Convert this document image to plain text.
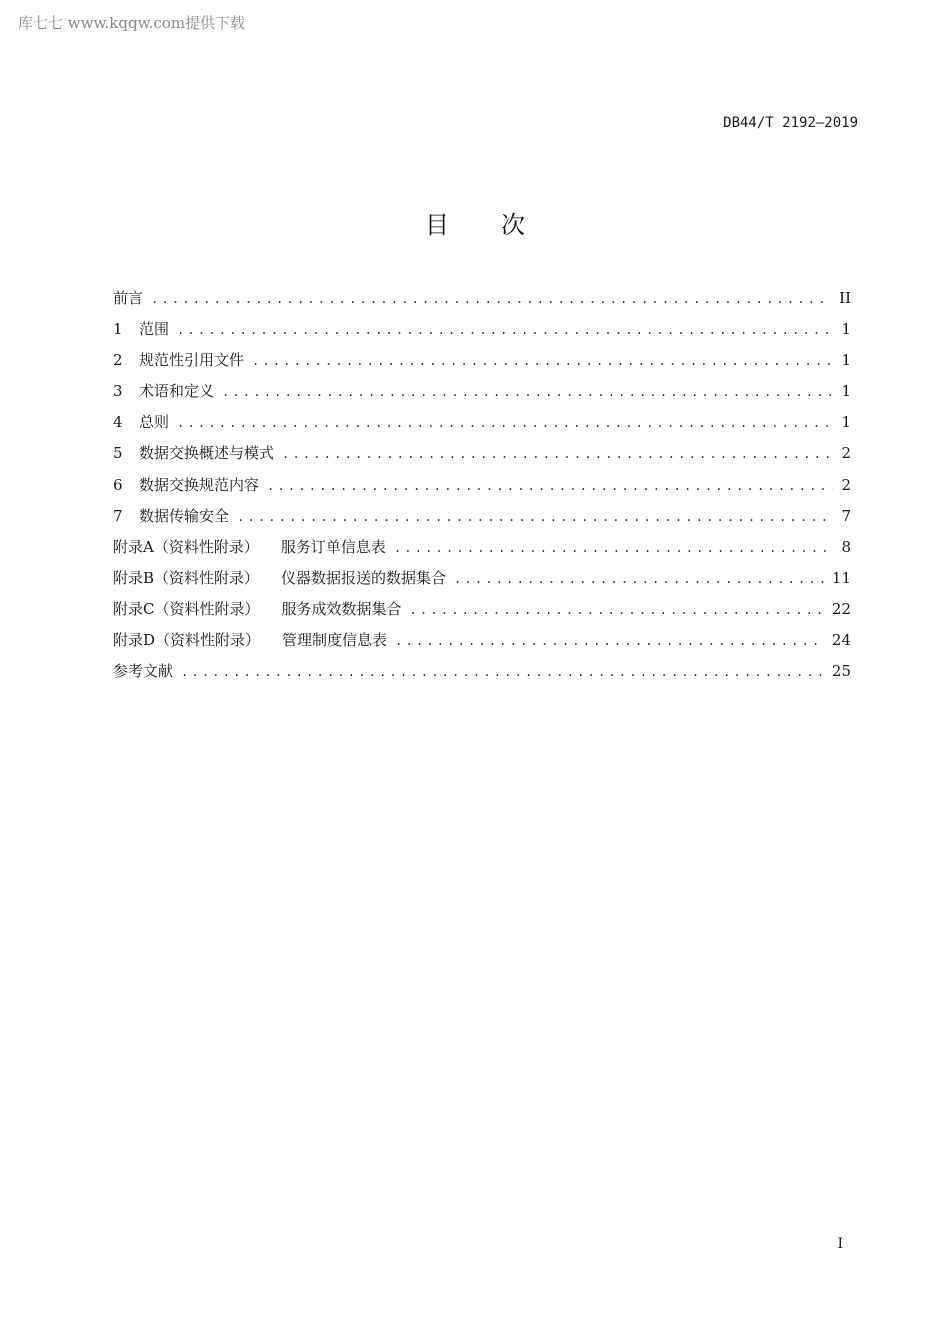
库七七 www.kqqw.com提供下载
DB44/T 2192—2019
目 次
前言 .....	II
1 范围 .....	1
2 规范性引用文件 .....	1
3 术语和定义 .....	1
4 总则 .....	1
5 数据交换概述与模式 .....	2
6 数据交换规范内容 .....	2
7 数据传输安全 .....	7
附录A（资料性附录） 服务订单信息表 .....	8
附录B（资料性附录） 仪器数据报送的数据集合 .....	11
附录C（资料性附录） 服务成效数据集合 .....	22
附录D（资料性附录） 管理制度信息表 .....	24
参考文献 .....	25
I
